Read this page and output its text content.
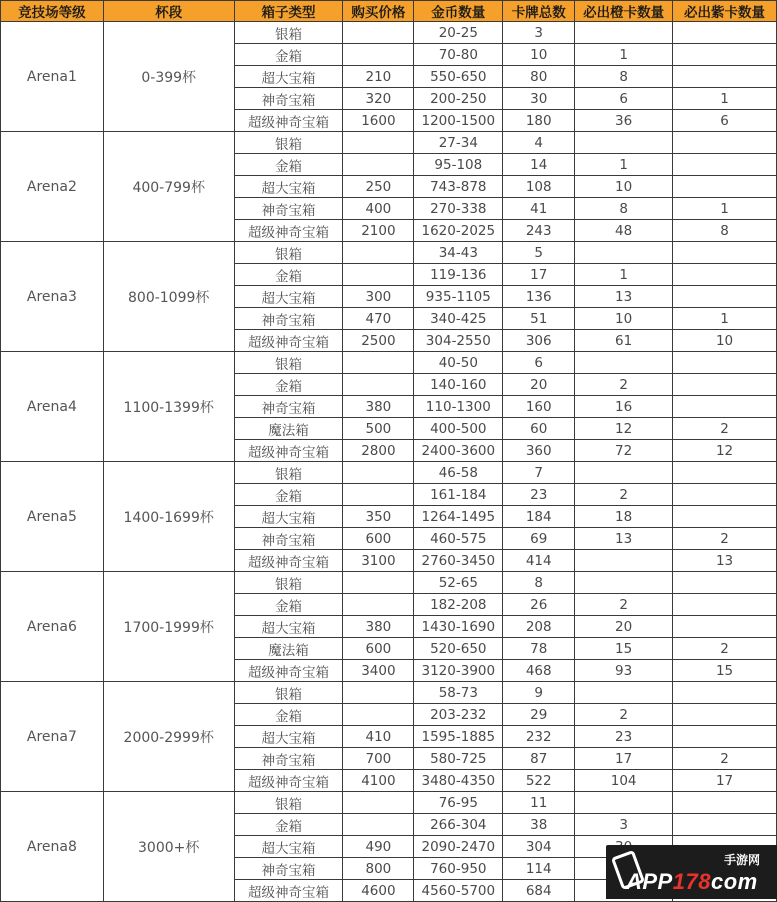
竞技场等级	杯段	箱子类型	购买价格	金币数量	卡牌总数	必出橙卡数量	必出紫卡数量
Arena1	0-399杯	银箱		20-25	3		
		金箱		70-80	10	1	
		超大宝箱	210	550-650	80	8	
		神奇宝箱	320	200-250	30	6	1
		超级神奇宝箱	1600	1200-1500	180	36	6
Arena2	400-799杯	银箱		27-34	4		
		金箱		95-108	14	1	
		超大宝箱	250	743-878	108	10	
		神奇宝箱	400	270-338	41	8	1
		超级神奇宝箱	2100	1620-2025	243	48	8
Arena3	800-1099杯	银箱		34-43	5		
		金箱		119-136	17	1	
		超大宝箱	300	935-1105	136	13	
		神奇宝箱	470	340-425	51	10	1
		超级神奇宝箱	2500	304-2550	306	61	10
Arena4	1100-1399杯	银箱		40-50	6		
		金箱		140-160	20	2	
		神奇宝箱	380	110-1300	160	16	
		魔法箱	500	400-500	60	12	2
		超级神奇宝箱	2800	2400-3600	360	72	12
Arena5	1400-1699杯	银箱		46-58	7		
		金箱		161-184	23	2	
		超大宝箱	350	1264-1495	184	18	
		神奇宝箱	600	460-575	69	13	2
		超级神奇宝箱	3100	2760-3450	414		13
Arena6	1700-1999杯	银箱		52-65	8		
		金箱		182-208	26	2	
		超大宝箱	380	1430-1690	208	20	
		魔法箱	600	520-650	78	15	2
		超级神奇宝箱	3400	3120-3900	468	93	15
Arena7	2000-2999杯	银箱		58-73	9		
		金箱		203-232	29	2	
		超大宝箱	410	1595-1885	232	23	
		神奇宝箱	700	580-725	87	17	2
		超级神奇宝箱	4100	3480-4350	522	104	17
Arena8	3000+杯	银箱		76-95	11		
		金箱		266-304	38	3	
		超大宝箱	490	2090-2470	304		
		神奇宝箱	800	760-950	114		
		超级神奇宝箱	4600	4560-5700	684		
手游网
APP178com
